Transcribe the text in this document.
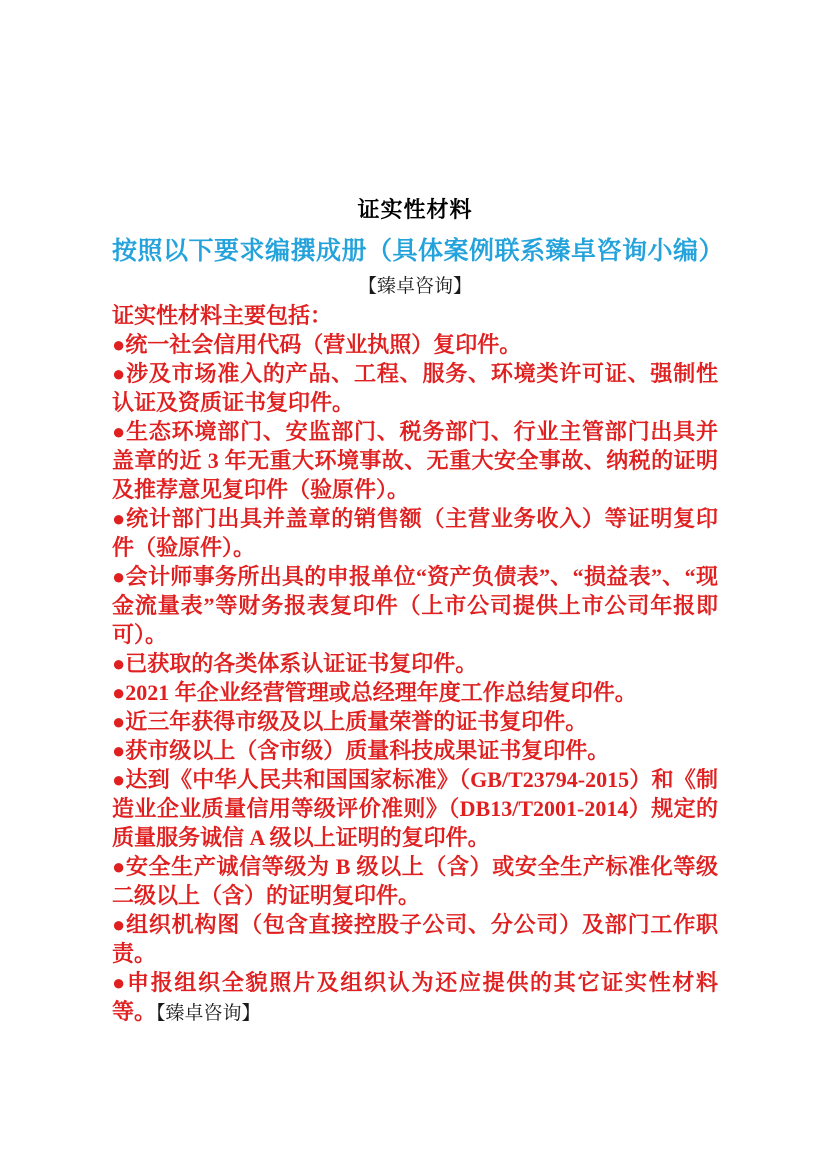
证实性材料
按照以下要求编撰成册（具体案例联系臻卓咨询小编）
【臻卓咨询】

证实性材料主要包括：

●统一社会信用代码（营业执照）复印件。

●涉及市场准入的产品、工程、服务、环境类许可证、强制性认证及资质证书复印件。

●生态环境部门、安监部门、税务部门、行业主管部门出具并盖章的近 3 年无重大环境事故、无重大安全事故、纳税的证明及推荐意见复印件（验原件）。

●统计部门出具并盖章的销售额（主营业务收入）等证明复印件（验原件）。

●会计师事务所出具的申报单位“资产负债表”、“损益表”、“现金流量表”等财务报表复印件（上市公司提供上市公司年报即可）。

●已获取的各类体系认证证书复印件。

●2021 年企业经营管理或总经理年度工作总结复印件。

●近三年获得市级及以上质量荣誉的证书复印件。

●获市级以上（含市级）质量科技成果证书复印件。

●达到《中华人民共和国国家标准》（GB/T23794-2015）和《制造业企业质量信用等级评价准则》（DB13/T2001-2014）规定的质量服务诚信 A 级以上证明的复印件。

●安全生产诚信等级为 B 级以上（含）或安全生产标准化等级二级以上（含）的证明复印件。

●组织机构图（包含直接控股子公司、分公司）及部门工作职责。

●申报组织全貌照片及组织认为还应提供的其它证实性材料等。【臻卓咨询】
